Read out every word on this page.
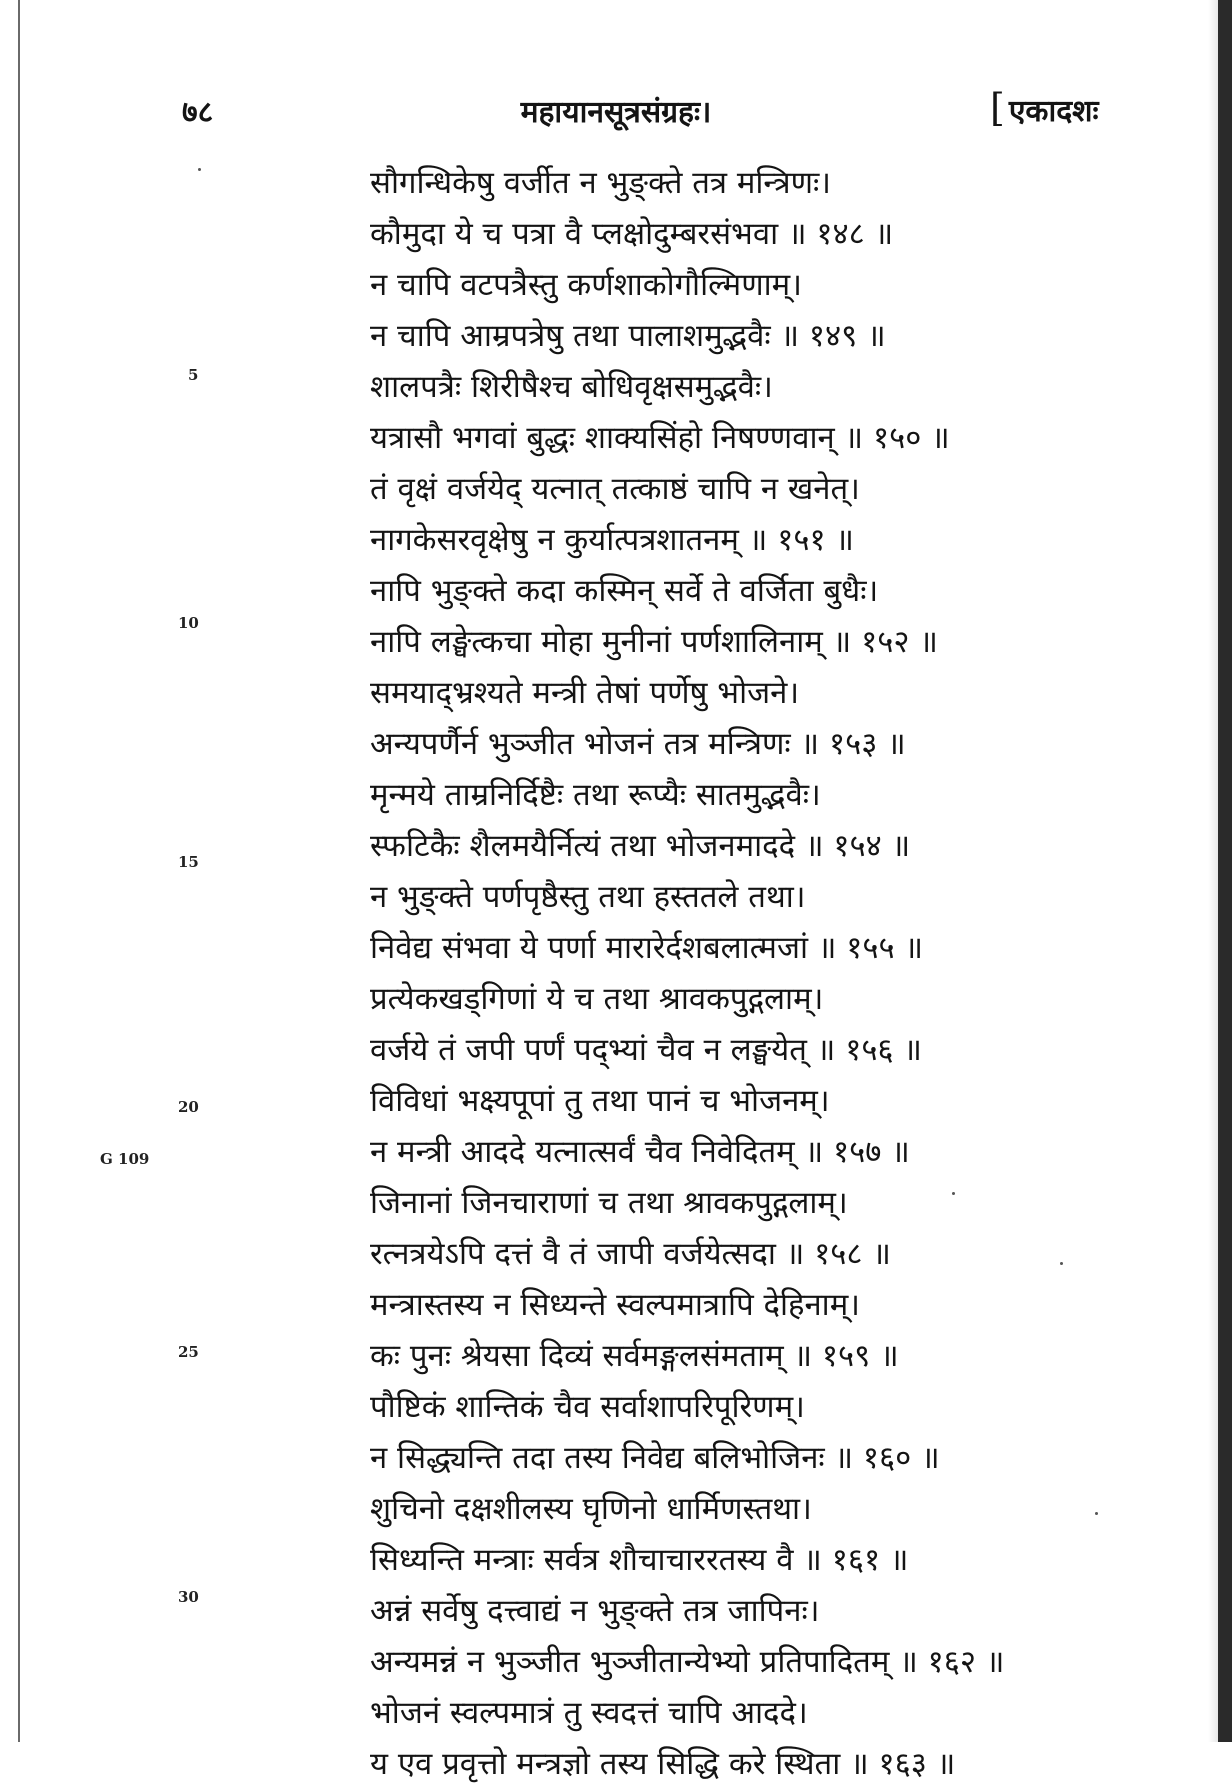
७८	महायानसूत्रसंग्रहः।	[ एकादशः
सौगन्धिकेषु वर्जीत न भुङ्क्ते तत्र मन्त्रिणः।
कौमुदा ये च पत्रा वै प्लक्षोदुम्बरसंभवा ॥ १४८ ॥
न चापि वटपत्रैस्तु कर्णशाकोगौल्मिणाम्।
न चापि आम्रपत्रेषु तथा पालाशमुद्भवैः ॥ १४९ ॥
शालपत्रैः शिरीषैश्च बोधिवृक्षसमुद्भवैः।
यत्रासौ भगवां बुद्धः शाक्यसिंहो निषण्णवान् ॥ १५० ॥
तं वृक्षं वर्जयेद् यत्नात् तत्काष्ठं चापि न खनेत्।
नागकेसरवृक्षेषु न कुर्यात्पत्रशातनम् ॥ १५१ ॥
नापि भुङ्क्ते कदा कस्मिन् सर्वे ते वर्जिता बुधैः।
नापि लङ्घेत्कचा मोहा मुनीनां पर्णशालिनाम् ॥ १५२ ॥
समयाद्भ्रश्यते मन्त्री तेषां पर्णेषु भोजने।
अन्यपर्णैर्न भुञ्जीत भोजनं तत्र मन्त्रिणः ॥ १५३ ॥
मृन्मये ताम्रनिर्दिष्टैः तथा रूप्यैः सातमुद्भवैः।
स्फटिकैः शैलमयैर्नित्यं तथा भोजनमाददे ॥ १५४ ॥
न भुङ्क्ते पर्णपृष्ठैस्तु तथा हस्ततले तथा।
निवेद्य संभवा ये पर्णा मारारेर्दशबलात्मजां ॥ १५५ ॥
प्रत्येकखड्गिणां ये च तथा श्रावकपुद्गलाम्।
वर्जये तं जपी पर्णं पद्भ्यां चैव न लङ्घयेत् ॥ १५६ ॥
विविधां भक्ष्यपूपां तु तथा पानं च भोजनम्।
न मन्त्री आददे यत्नात्सर्वं चैव निवेदितम् ॥ १५७ ॥
जिनानां जिनचाराणां च तथा श्रावकपुद्गलाम्।
रत्नत्रयेऽपि दत्तं वै तं जापी वर्जयेत्सदा ॥ १५८ ॥
मन्त्रास्तस्य न सिध्यन्ते स्वल्पमात्रापि देहिनाम्।
कः पुनः श्रेयसा दिव्यं सर्वमङ्गलसंमताम् ॥ १५९ ॥
पौष्टिकं शान्तिकं चैव सर्वाशापरिपूरिणम्।
न सिद्ध्यन्ति तदा तस्य निवेद्य बलिभोजिनः ॥ १६० ॥
शुचिनो दक्षशीलस्य घृणिनो धार्मिणस्तथा।
सिध्यन्ति मन्त्राः सर्वत्र शौचाचाररतस्य वै ॥ १६१ ॥
अन्नं सर्वेषु दत्त्वाद्यं न भुङ्क्ते तत्र जापिनः।
अन्यमन्नं न भुञ्जीत भुञ्जीतान्येभ्यो प्रतिपादितम् ॥ १६२ ॥
भोजनं स्वल्पमात्रं तु स्वदत्तं चापि आददे।
य एव प्रवृत्तो मन्त्रज्ञो तस्य सिद्धि करे स्थिता ॥ १६३ ॥
5
10
15
20
G 109
25
30
